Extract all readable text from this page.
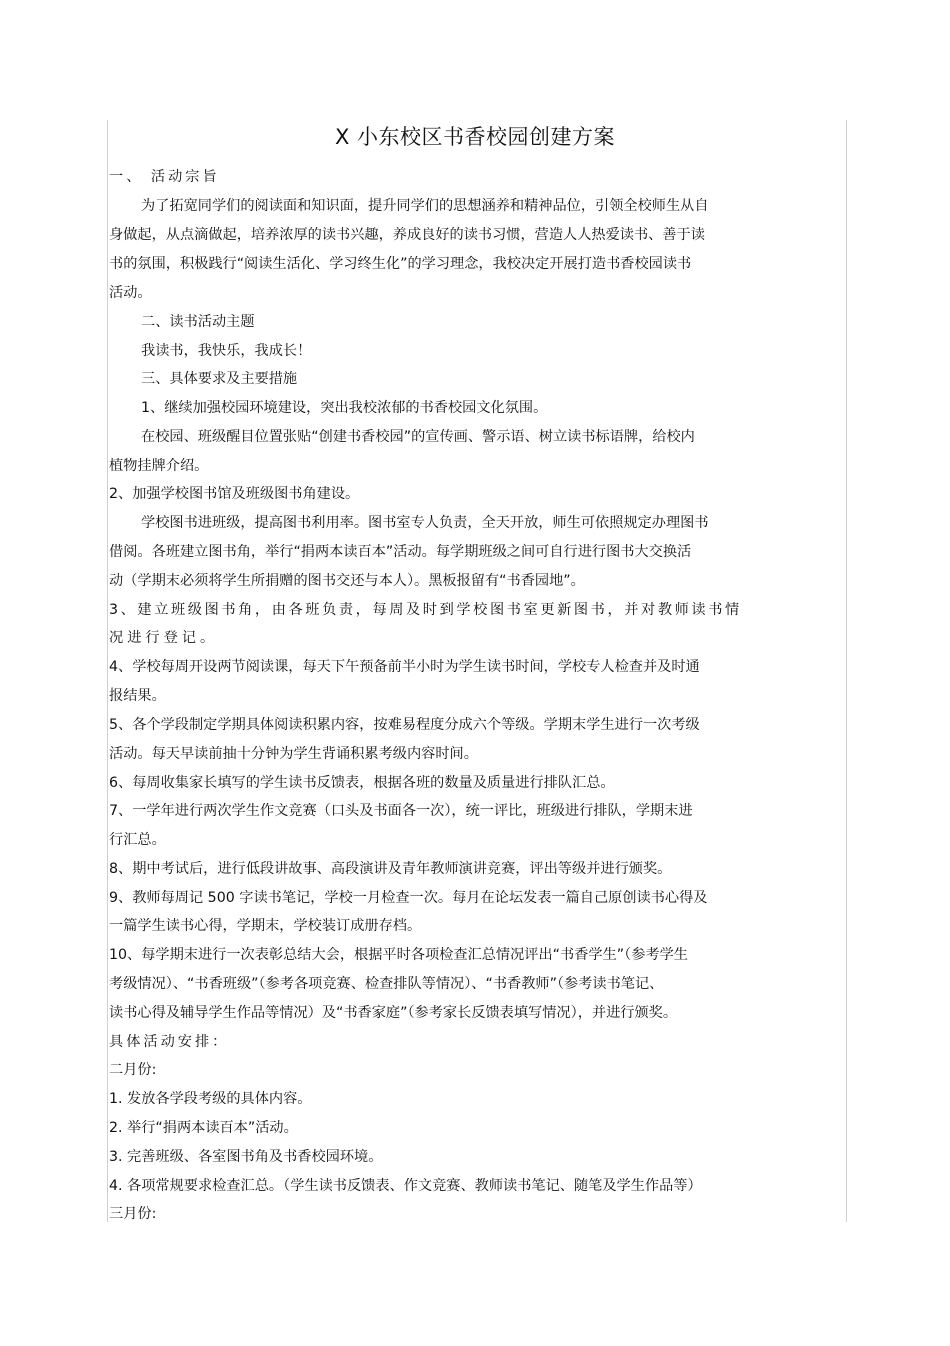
X 小东校区书香校园创建方案
一、 活动宗旨
为了拓宽同学们的阅读面和知识面，提升同学们的思想涵养和精神品位，引领全校师生从自
身做起，从点滴做起，培养浓厚的读书兴趣，养成良好的读书习惯，营造人人热爱读书、善于读
书的氛围，积极践行“阅读生活化、学习终生化”的学习理念，我校决定开展打造书香校园读书
活动。
二、读书活动主题
我读书，我快乐，我成长！
三、具体要求及主要措施
1、继续加强校园环境建设，突出我校浓郁的书香校园文化氛围。
在校园、班级醒目位置张贴“创建书香校园”的宣传画、警示语、树立读书标语牌，给校内
植物挂牌介绍。
2、加强学校图书馆及班级图书角建设。
学校图书进班级，提高图书利用率。图书室专人负责，全天开放，师生可依照规定办理图书
借阅。各班建立图书角，举行“捐两本读百本”活动。每学期班级之间可自行进行图书大交换活
动（学期末必须将学生所捐赠的图书交还与本人）。黑板报留有“书香园地”。
3、建立班级图书角，由各班负责，每周及时到学校图书室更新图书，并对教师读书情
况进行登记。
4、学校每周开设两节阅读课，每天下午预备前半小时为学生读书时间，学校专人检查并及时通
报结果。
5、各个学段制定学期具体阅读积累内容，按难易程度分成六个等级。学期末学生进行一次考级
活动。每天早读前抽十分钟为学生背诵积累考级内容时间。
6、每周收集家长填写的学生读书反馈表，根据各班的数量及质量进行排队汇总。
7、一学年进行两次学生作文竞赛（口头及书面各一次），统一评比，班级进行排队，学期末进
行汇总。
8、期中考试后，进行低段讲故事、高段演讲及青年教师演讲竞赛，评出等级并进行颁奖。
9、教师每周记 500 字读书笔记，学校一月检查一次。每月在论坛发表一篇自己原创读书心得及
一篇学生读书心得，学期末，学校装订成册存档。
10、每学期末进行一次表彰总结大会，根据平时各项检查汇总情况评出“书香学生”（参考学生
考级情况）、“书香班级”（参考各项竞赛、检查排队等情况）、“书香教师”（参考读书笔记、
读书心得及辅导学生作品等情况）及“书香家庭”（参考家长反馈表填写情况），并进行颁奖。
具体活动安排：
二月份:
1. 发放各学段考级的具体内容。
2. 举行“捐两本读百本”活动。
3. 完善班级、各室图书角及书香校园环境。
4. 各项常规要求检查汇总。（学生读书反馈表、作文竞赛、教师读书笔记、随笔及学生作品等）
三月份:
